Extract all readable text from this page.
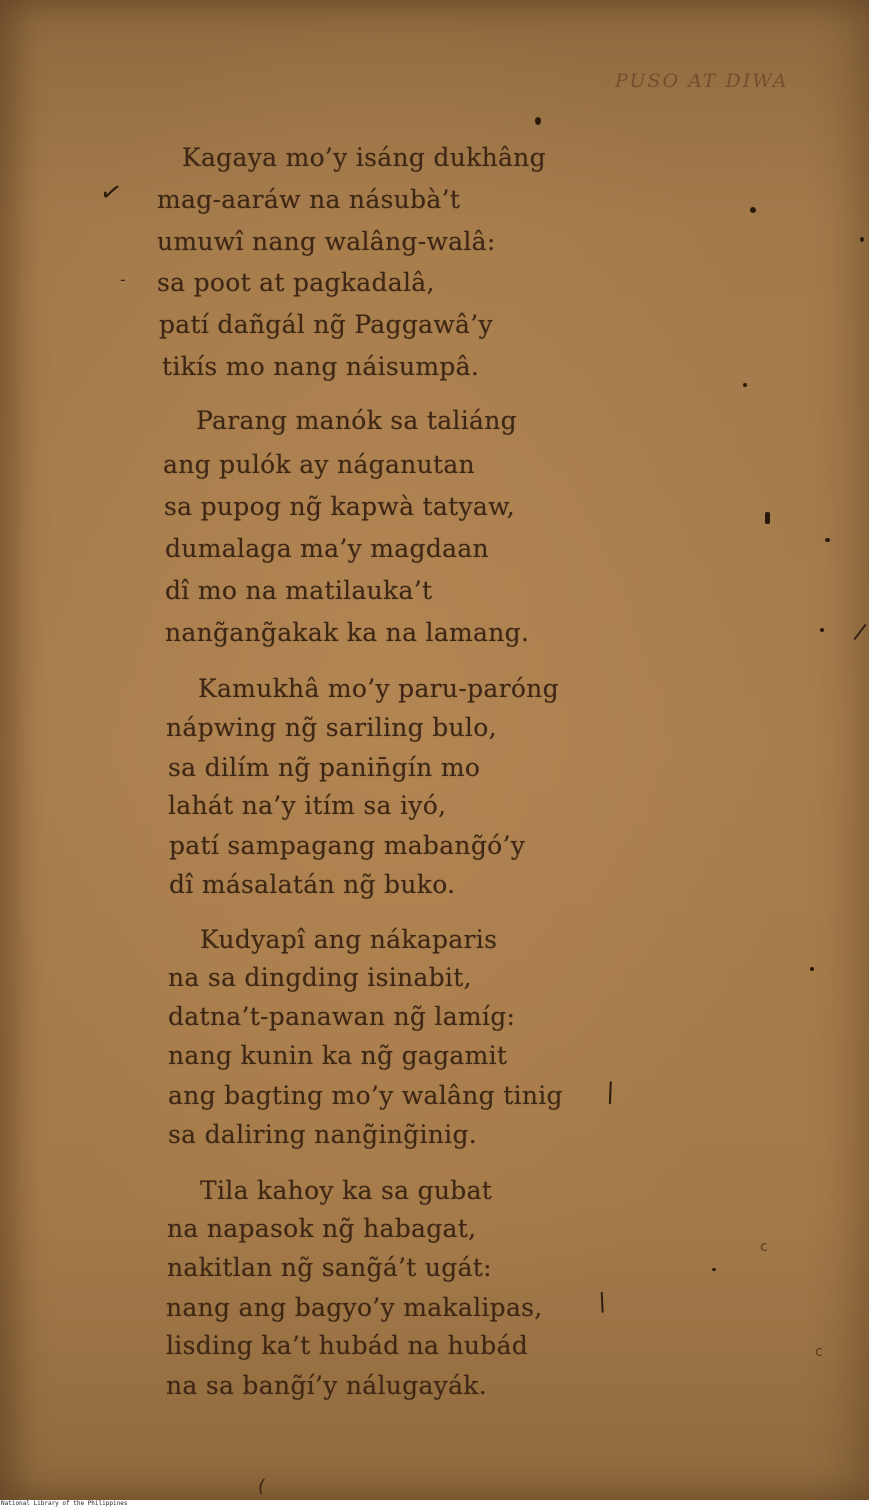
PUSO AT DIWA
Kagaya mo’y isáng dukhâng
mag-aaráw na násubà’t
umuwî nang walâng-walâ:
sa poot at pagkadalâ,
patí dañgál ng̃ Paggawâ’y
tikís mo nang náisumpâ.
Parang manók sa taliáng
ang pulók ay náganutan
sa pupog ng̃ kapwà tatyaw,
dumalaga ma’y magdaan
dî mo na matilauka’t
nang̃ang̃akak ka na lamang.
Kamukhâ mo’y paru-paróng
nápwing ng̃ sariling bulo,
sa dilím ng̃ panin̄gín mo
lahát na’y itím sa iyó,
patí sampagang mabang̃ó’y
dî másalatán ng̃ buko.
Kudyapî ang nákaparis
na sa dingding isinabit,
datna’t-panawan ng̃ lamíg:
nang kunin ka ng̃ gagamit
ang bagting mo’y walâng tinig
sa daliring nang̃ing̃inig.
Tila kahoy ka sa gubat
na napasok ng̃ habagat,
nakitlan ng̃ sang̃á’t ugát:
nang ang bagyo’y makalipas,
lisding ka’t hubád na hubád
na sa bang̃í’y nálugayák.
✓
/
/
-
/
c
c
(
National Library of the Philippines
